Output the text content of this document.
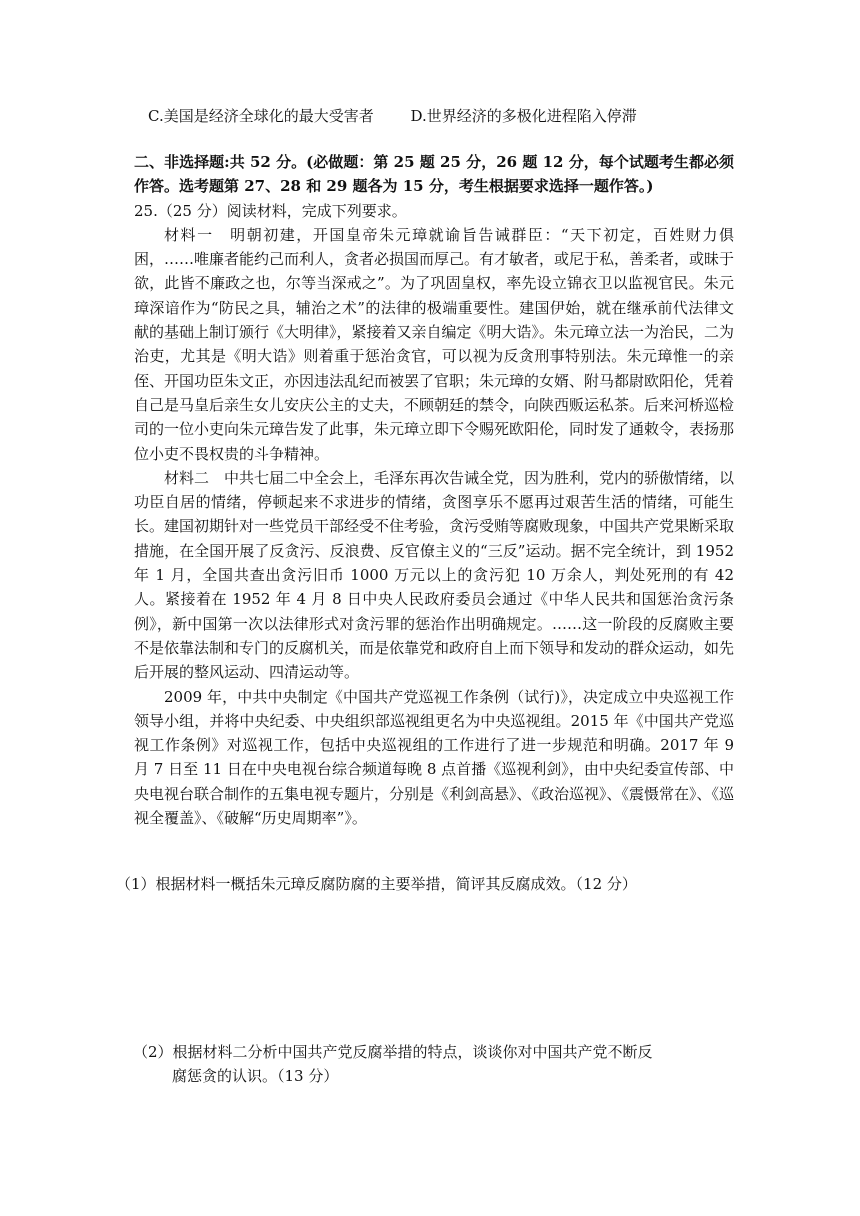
C.美国是经济全球化的最大受害者 D.世界经济的多极化进程陷入停滞

二、非选择题:共 52 分。(必做题：第 25 题 25 分，26 题 12 分，每个试题考生都必须作答。选考题第 27、28 和 29 题各为 15 分，考生根据要求选择一题作答。)

25.（25 分）阅读材料，完成下列要求。

材料一　明朝初建，开国皇帝朱元璋就谕旨告诫群臣：“天下初定，百姓财力俱困，……唯廉者能约己而利人，贪者必损国而厚己。有才敏者，或尼于私，善柔者，或昧于欲，此皆不廉政之也，尔等当深戒之”。为了巩固皇权，率先设立锦衣卫以监视官民。朱元璋深谙作为“防民之具，辅治之术”的法律的极端重要性。建国伊始，就在继承前代法律文献的基础上制订颁行《大明律》，紧接着又亲自编定《明大诰》。朱元璋立法一为治民，二为治吏，尤其是《明大诰》则着重于惩治贪官，可以视为反贪刑事特别法。朱元璋惟一的亲侄、开国功臣朱文正，亦因违法乱纪而被罢了官职；朱元璋的女婿、附马都尉欧阳伦，凭着自己是马皇后亲生女儿安庆公主的丈夫，不顾朝廷的禁令，向陕西贩运私茶。后来河桥巡检司的一位小吏向朱元璋告发了此事，朱元璋立即下令赐死欧阳伦，同时发了通敕令，表扬那位小吏不畏权贵的斗争精神。

材料二　中共七届二中全会上，毛泽东再次告诫全党，因为胜利，党内的骄傲情绪，以功臣自居的情绪，停顿起来不求进步的情绪，贪图享乐不愿再过艰苦生活的情绪，可能生长。建国初期针对一些党员干部经受不住考验，贪污受贿等腐败现象，中国共产党果断采取措施，在全国开展了反贪污、反浪费、反官僚主义的“三反”运动。据不完全统计，到 1952 年 1 月，全国共查出贪污旧币 1000 万元以上的贪污犯 10 万余人，判处死刑的有 42 人。紧接着在 1952 年 4 月 8 日中央人民政府委员会通过《中华人民共和国惩治贪污条例》，新中国第一次以法律形式对贪污罪的惩治作出明确规定。……这一阶段的反腐败主要不是依靠法制和专门的反腐机关，而是依靠党和政府自上而下领导和发动的群众运动，如先后开展的整风运动、四清运动等。

2009 年，中共中央制定《中国共产党巡视工作条例（试行)》，决定成立中央巡视工作领导小组，并将中央纪委、中央组织部巡视组更名为中央巡视组。2015 年《中国共产党巡视工作条例》对巡视工作，包括中央巡视组的工作进行了进一步规范和明确。2017 年 9 月 7 日至 11 日在中央电视台综合频道每晚 8 点首播《巡视利剑》，由中央纪委宣传部、中央电视台联合制作的五集电视专题片，分别是《利剑高悬》、《政治巡视》、《震慑常在》、《巡视全覆盖》、《破解“历史周期率”》。

（1）根据材料一概括朱元璋反腐防腐的主要举措，简评其反腐成效。（12 分）
（2）根据材料二分析中国共产党反腐举措的特点，谈谈你对中国共产党不断反
腐惩贪的认识。（13 分）
